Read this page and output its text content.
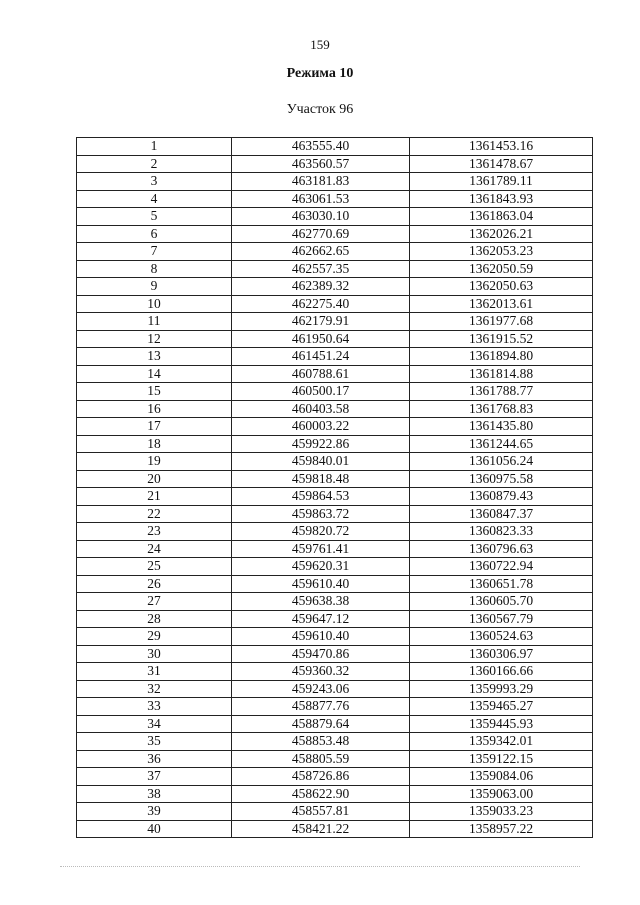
159
Режима 10
Участок 96
1	463555.40	1361453.16
2	463560.57	1361478.67
3	463181.83	1361789.11
4	463061.53	1361843.93
5	463030.10	1361863.04
6	462770.69	1362026.21
7	462662.65	1362053.23
8	462557.35	1362050.59
9	462389.32	1362050.63
10	462275.40	1362013.61
11	462179.91	1361977.68
12	461950.64	1361915.52
13	461451.24	1361894.80
14	460788.61	1361814.88
15	460500.17	1361788.77
16	460403.58	1361768.83
17	460003.22	1361435.80
18	459922.86	1361244.65
19	459840.01	1361056.24
20	459818.48	1360975.58
21	459864.53	1360879.43
22	459863.72	1360847.37
23	459820.72	1360823.33
24	459761.41	1360796.63
25	459620.31	1360722.94
26	459610.40	1360651.78
27	459638.38	1360605.70
28	459647.12	1360567.79
29	459610.40	1360524.63
30	459470.86	1360306.97
31	459360.32	1360166.66
32	459243.06	1359993.29
33	458877.76	1359465.27
34	458879.64	1359445.93
35	458853.48	1359342.01
36	458805.59	1359122.15
37	458726.86	1359084.06
38	458622.90	1359063.00
39	458557.81	1359033.23
40	458421.22	1358957.22
